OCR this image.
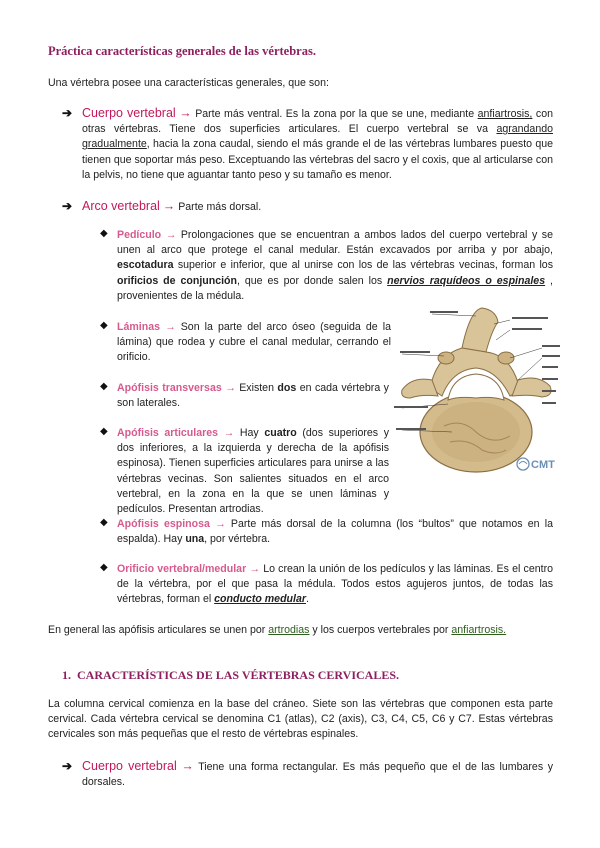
Práctica características generales de las vértebras.
Una vértebra posee una características generales, que son:
➔ Cuerpo vertebral → Parte más ventral. Es la zona por la que se une, mediante anfiartrosis, con otras vértebras. Tiene dos superficies articulares. El cuerpo vertebral se va agrandando gradualmente, hacia la zona caudal, siendo el más grande el de las vértebras lumbares puesto que tienen que soportar más peso. Exceptuando las vértebras del sacro y el coxis, que al articularse con la pelvis, no tiene que aguantar tanto peso y su tamaño es menor.
➔ Arco vertebral → Parte más dorsal.
◆ Pedículo → Prolongaciones que se encuentran a ambos lados del cuerpo vertebral y se unen al arco que protege el canal medular. Están excavados por arriba y por abajo, escotadura superior e inferior, que al unirse con los de las vértebras vecinas, forman los orificios de conjunción, que es por donde salen los nervios raquídeos o espinales , provenientes de la médula.
◆ Láminas → Son la parte del arco óseo (seguida de la lámina) que rodea y cubre el canal medular, cerrando el orificio.
◆ Apófisis transversas → Existen dos en cada vértebra y son laterales.
◆ Apófisis articulares → Hay cuatro (dos superiores y dos inferiores, a la izquierda y derecha de la apófisis espinosa). Tienen superficies articulares para unirse a las vértebras vecinas. Son salientes situados en el arco vertebral, en la zona en la que se unen láminas y pedículos. Presentan artrodias.
◆ Apófisis espinosa → Parte más dorsal de la columna (los “bultos” que notamos en la espalda). Hay una, por vértebra.
◆ Orificio vertebral/medular → Lo crean la unión de los pedículos y las láminas. Es el centro de la vértebra, por el que pasa la médula. Todos estos agujeros juntos, de todas las vértebras, forman el conducto medular.
En general las apófisis articulares se unen por artrodias y los cuerpos vertebrales por anfiartrosis.
1. CARACTERÍSTICAS DE LAS VÉRTEBRAS CERVICALES.
La columna cervical comienza en la base del cráneo. Siete son las vértebras que componen esta parte cervical. Cada vértebra cervical se denomina C1 (atlas), C2 (axis), C3, C4, C5, C6 y C7. Estas vértebras cervicales son más pequeñas que el resto de vértebras espinales.
➔ Cuerpo vertebral → Tiene una forma rectangular. Es más pequeño que el de las lumbares y dorsales.
CMT
